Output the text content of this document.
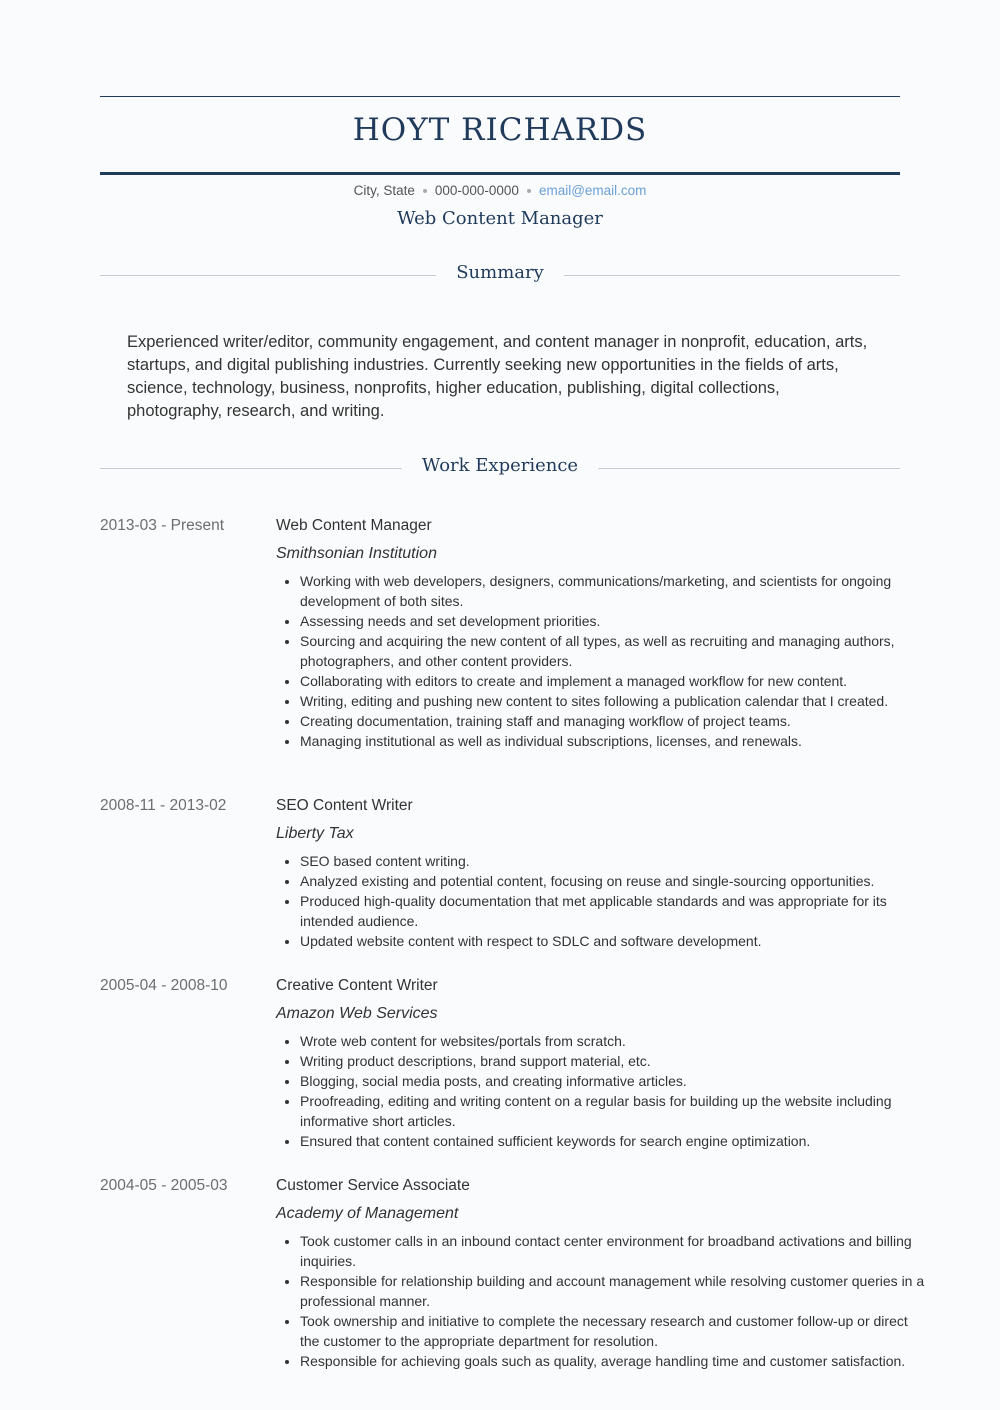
HOYT RICHARDS
City, State 000-000-0000 email@email.com
Web Content Manager
Summary
Experienced writer/editor, community engagement, and content manager in nonprofit, education, arts, startups, and digital publishing industries. Currently seeking new opportunities in the fields of arts, science, technology, business, nonprofits, higher education, publishing, digital collections, photography, research, and writing.
Work Experience
2013-03 - Present	Web Content Manager
Smithsonian Institution
• Working with web developers, designers, communications/marketing, and scientists for ongoing development of both sites.
• Assessing needs and set development priorities.
• Sourcing and acquiring the new content of all types, as well as recruiting and managing authors, photographers, and other content providers.
• Collaborating with editors to create and implement a managed workflow for new content.
• Writing, editing and pushing new content to sites following a publication calendar that I created.
• Creating documentation, training staff and managing workflow of project teams.
• Managing institutional as well as individual subscriptions, licenses, and renewals.
2008-11 - 2013-02	SEO Content Writer
Liberty Tax
• SEO based content writing.
• Analyzed existing and potential content, focusing on reuse and single-sourcing opportunities.
• Produced high-quality documentation that met applicable standards and was appropriate for its intended audience.
• Updated website content with respect to SDLC and software development.
2005-04 - 2008-10	Creative Content Writer
Amazon Web Services
• Wrote web content for websites/portals from scratch.
• Writing product descriptions, brand support material, etc.
• Blogging, social media posts, and creating informative articles.
• Proofreading, editing and writing content on a regular basis for building up the website including informative short articles.
• Ensured that content contained sufficient keywords for search engine optimization.
2004-05 - 2005-03	Customer Service Associate
Academy of Management
• Took customer calls in an inbound contact center environment for broadband activations and billing inquiries.
• Responsible for relationship building and account management while resolving customer queries in a professional manner.
• Took ownership and initiative to complete the necessary research and customer follow-up or direct the customer to the appropriate department for resolution.
• Responsible for achieving goals such as quality, average handling time and customer satisfaction.
